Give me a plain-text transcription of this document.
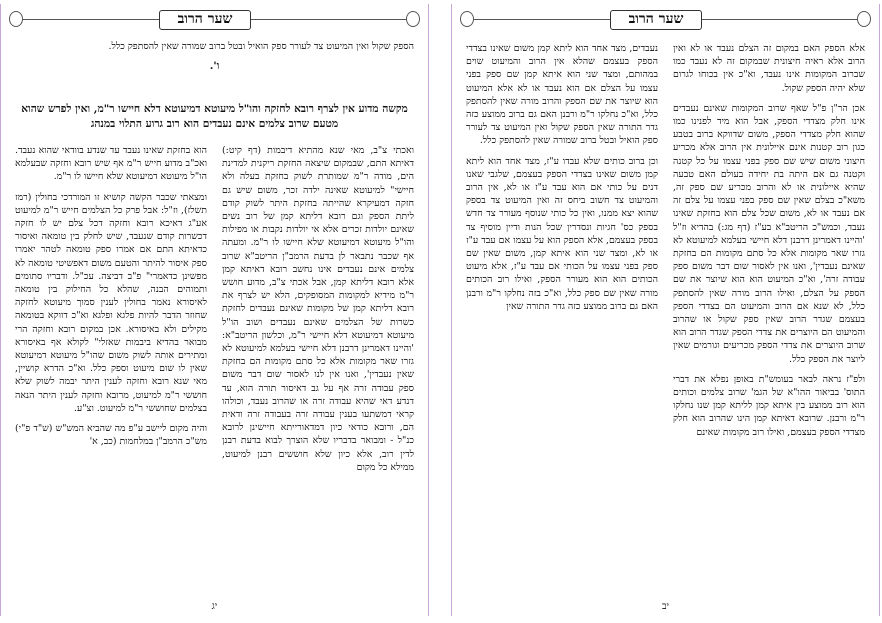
שער הרוב

הספק שקול ואין המיעוט צד לעורר ספק הואיל ובטל ברוב שמורה שאין להסתפק כלל.

ו'.
מקשה מדוע אין לצרף רובא לחזקה והו"ל מיעוטא דמיעוטא דלא חיישו ר"מ, ואין לפרש שהוא מטעם שרוב צלמים אינם נעבדים הוא רוב גרוע התלוי במנהג

ואכתי צ"ב, מאי שנא מהתיא דיבמות (דף קיט:) דאיתא התם, שבמקום שיצאה החזקת ריקנית למדינת הים, מודה ר"מ שמותרת לשוק בחזקת בעלה ולא חיישי" למיעוטא שאינה ילדה זכר, משום שיש גם חזקה דמעיקרא שהייתה בחזקת היתר לשוק קודם ליתת הספק וגם רובא דליתא קמן של רוב נשים שאינם יולדות זכרים אלא אי יולדות נקבות או מפילות והו"ל מיעוטא דמיעוטא שלא חיישו לו ר"מ. ומעתה אף שכבר נתבאר לן בדעת הרמב"ן הריטב"א שרוב צלמים אינם נעבדים אינו נחשב רובא דאיתא קמן אלא רובא דליתא קמן, אבל אכתי צ"ב, מדוע חושש ר"מ מידיא למקומות המסופקים, הלא יש לצרף את רובא דליתא קמן של מקומות שאינם נעבדים לחזקת כשרות של הצלמים שאינם נעבדים ושוב הו"ל מיעוטא דמיעוטא דלא חיישי ר"מ, וכלשון הריטב"א: 'והיינו דאמרינן דרבנן דלא חיישי בעלמא למיעוטא לא גזרו שאר מקומות אלא כל סתם מקומות הם בחזקת שאין נעבדין', ואנו אין לנו לאסור שום דבר משום ספק עבודה זרה אף על גב דאיסור תורה הוא, עד דנדע דאי שהיא עבודה זרה או שהרוב נעבד, וכולהו קראי דמשתעו בענין עבודה זרה בעבודה זרה ודאית הם, ורובא כודאי כיון דמדאורייתא חיישינן לרובא כנ"ל - ומבואר בדבריו שלא הוצרך לבוא בדעת רבנן לדין רוב, אלא כיון שלא חוששים רבנן למיעוט, ממילא כל מקום

הוא בחזקת שאינו נעבד עד שנדע בוודאי שהוא נעבד. ואכ"ב מדוע חייש ר"מ אף שיש רובא וחזקה שבעלמא הו"ל מיעוטא דמיעוטא שלא חיישו לו ר"מ.

ומצאתי שכבר הקשה קושיא זו המורדכי בחולין (רמז תשלז), וז"ל: אבל פרק כל הצלמים חייש ר"מ למיעוט אע"ג דאיכא רובא וחזקה דכל צלם יש לו חזקה דכשרות קודם שנעבד, שיש לחלק בין טומאה ואיסור כדאיתא התם אם אמרו ספק טומאה לטהר יאמרו ספק איסור להיתר והטעם משום דאפשיטי טומאה לא מפשינן כדאמרי" פ"ב דביצה. עכ"ל. ודבריו סתומים ותמוהים הבנה, שהלא כל החילוק בין טומאה לאיסורא נאמר בחולין לענין סמוך מיעוטא לחזקה שחוזר הדבר להיות פלגא ופלגא וא"כ דווקא בטומאה מקילים ולא באיסורא. אכן במקום רובא וחזקה הרי מבואר בהדיא ביבמות שאזלי" לקולא אף באיסורא ומתירים אותה לשוק משום שהו"ל מיעוטא דמיעוטא שאין לו שום מיעוט וספק כלל. וא"כ הדרא קושיין, מאי שנא רובא וחזקה לענין היתר יבמה לשוק שלא חוששי ר"מ למיעוט, מרובא וחזקה לענין היתר הנאה בצלמים שחוששי ר"מ למיעוט. וצ"ע.

והיה מקום ליישב ע"פ מה שהביא המש"ש (ש"ד פ"י) מש"כ הרמב"ן במלחמות (כב, א'

יג
שער הרוב

אלא הספק האם במקום זה הצלם נעבד או לא ואין הרוב אלא ראיה חיצונית שבמקום זה לא נעבד כמו שברוב המקומות אינו נעבד, וא"כ אין בכוחו לגרום שלא יהיה הספק שקול.

אכן הר"ן פ"ל שאף שרוב המקומות שאינם נעבדים אינו חלק מצדדי הספק, אבל הוא מיד לפנינו כמו שהוא חלק מצדדי הספק, משום שדווקא ברוב בטבע כגון רוב קטנות אינם איילונית אין הרוב אלא מכריע חיצוני משום שיש שם ספק בפני עצמו על כל קטנה וקטנה גם אם היתה בת יחידה בעולם האם טבעה שהיא איילונית או לא והרוב מכריע שם ספק זה, משא"כ בצלם שאין שם ספק בפני עצמו על צלם זה אם נעבד או לא, משום שכל צלם הוא בחזקת שאינו נעבד, וכמש"כ הריטב"א בע"ז (דף מג:) בהדיא וז"ל 'והיינו דאמרינן דרבנן דלא חיישי בעלמא למיעוטא לא גזרו שאר מקומות אלא כל סתם מקומות הם בחזקת שאינם נעבדין', ואנו אין לאסור שום דבר משום ספק עבודה זרה', וא"כ המיעוט הוא הוא שיוצר את שם הספק על הצלם, ואילו הרוב מורה שאין להסתפק כלל, לא שנא אם הרוב והמיעוט הם בצדדי הספק בעצמם שגדר הרוב שאין ספק שקול או שהרוב והמיעוט הם היוצרים את צדדי הספק שגדר הרוב הוא שרוב היוצרים את צדדי הספק מכריעים וגורמים שאין ליוצר את הספק כלל.

ולפ"ז נראה לבאר בעומש"ת באופן נפלא את דברי התוס' בביאור ההו"א של הגמ' שרוב צלמים וכותים הוא רוב ממוצע בין איתא קמן לליתא קמן שנו נחלקו ר"מ ורבנן. שרובא דאיתא קמן הינו שהרוב הוא חלק מצדדי הספק בעצמם, ואילו רוב מקומות שאינם

נעבדים, מצד אחד הוא ליתא קמן משום שאינו בצדדי הספק בעצמם שהלא אין הרוב והמיעוט שוים במהותם, ומצד שני הוא איתא קמן שם ספק בפני עצמו על הצלם אם הוא נעבד או לא אלא המיעוט הוא שיוצר את שם הספק והרוב מורה שאין להסתפק כלל, וא"כ נחלקו ר"מ ורבנן האם גם ברוב ממוצע כזה גדר התורה שאין הספק שקול ואין המיעוט צד לעורר ספק הואיל ובטל ברוב שמורה שאין להסתפק כלל.

וכן ברוב כותים שלא עבדו ע"ז, מצד אחד הוא ליתא קמן משום שאינו בצדדי הספק בעצמם, שלגבי שאנו דנים על כותי אם הוא עבד ע"ז או לא, אין הרוב והמיעוט צד חשוב ביחס זה ואין המיעוט צד בספק שהוא יצא ממנו, ואין כל כותי שנוסף מעורר צד חדש בספק כס' חגיות ונסדרין שכל הנות ודיין מוסיף צד בספק בעצמם, אלא הספק הוא על עצמו אם עבד ע"ז או לא, ומצד שני הוא איתא קמן, משום שאין שם ספק בפני עצמו על הכותי אם עבד ע"ז, אלא מיעוט הכותים הוא הוא מעורר הספק, ואילו רוב הכותים מורה שאין שם ספק כלל, וא"כ בזה נחלקו ר"מ ורבנן האם גם ברוב ממוצע כזה גדר התורה שאין

יב
